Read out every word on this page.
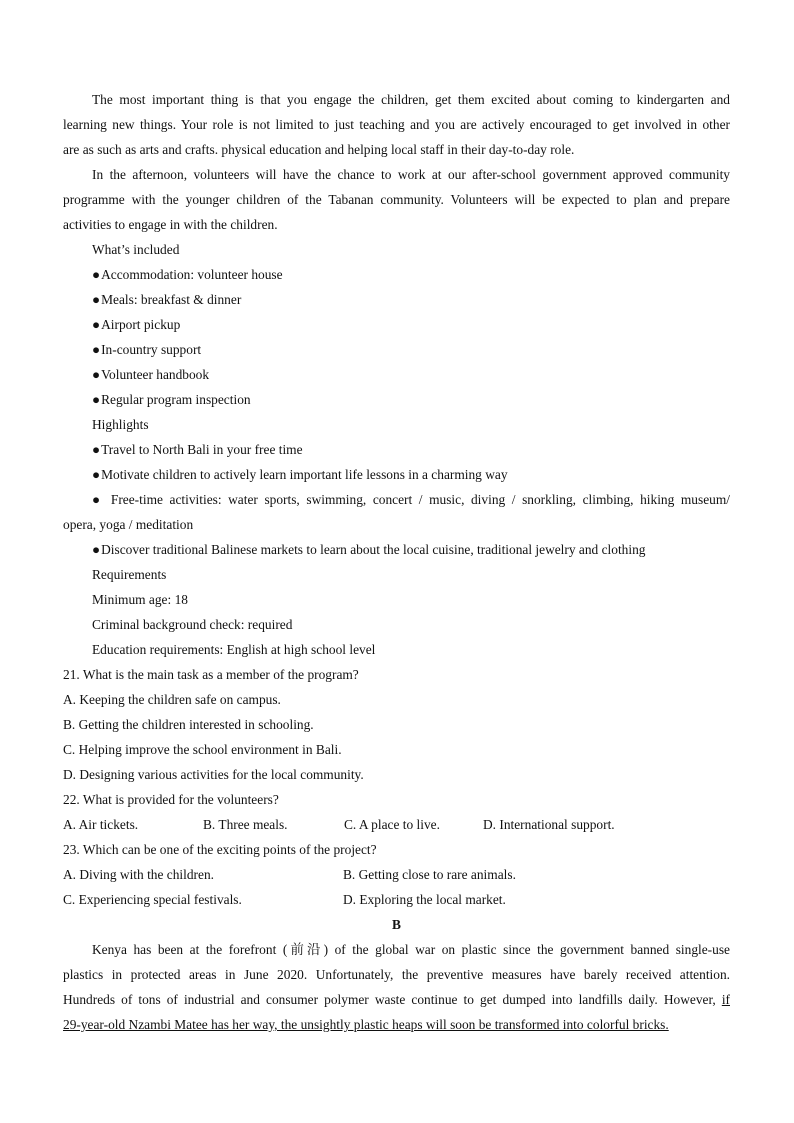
The most important thing is that you engage the children, get them excited about coming to kindergarten and
learning new things. Your role is not limited to just teaching and you are actively encouraged to get involved in other
are as such as arts and crafts. physical education and helping local staff in their day-to-day role.
In the afternoon, volunteers will have the chance to work at our after-school government approved community
programme with the younger children of the Tabanan community. Volunteers will be expected to plan and prepare
activities to engage in with the children.
What’s included
● Accommodation: volunteer house
● Meals: breakfast & dinner
● Airport pickup
● In-country support
● Volunteer handbook
● Regular program inspection
Highlights
● Travel to North Bali in your free time
● Motivate children to actively learn important life lessons in a charming way
● Free-time activities: water sports, swimming, concert / music, diving / snorkling, climbing, hiking museum/
opera, yoga / meditation
● Discover traditional Balinese markets to learn about the local cuisine, traditional jewelry and clothing
Requirements
Minimum age: 18
Criminal background check: required
Education requirements: English at high school level
21. What is the main task as a member of the program?
A. Keeping the children safe on campus.
B. Getting the children interested in schooling.
C. Helping improve the school environment in Bali.
D. Designing various activities for the local community.
22. What is provided for the volunteers?
A. Air tickets.	B. Three meals.	C. A place to live.	D. International support.
23. Which can be one of the exciting points of the project?
A. Diving with the children.	B. Getting close to rare animals.
C. Experiencing special festivals.	D. Exploring the local market.
B
Kenya has been at the forefront (前沿) of the global war on plastic since the government banned single-use
plastics in protected areas in June 2020. Unfortunately, the preventive measures have barely received attention.
Hundreds of tons of industrial and consumer polymer waste continue to get dumped into landfills daily. However, if
29-year-old Nzambi Matee has her way, the unsightly plastic heaps will soon be transformed into colorful bricks.
